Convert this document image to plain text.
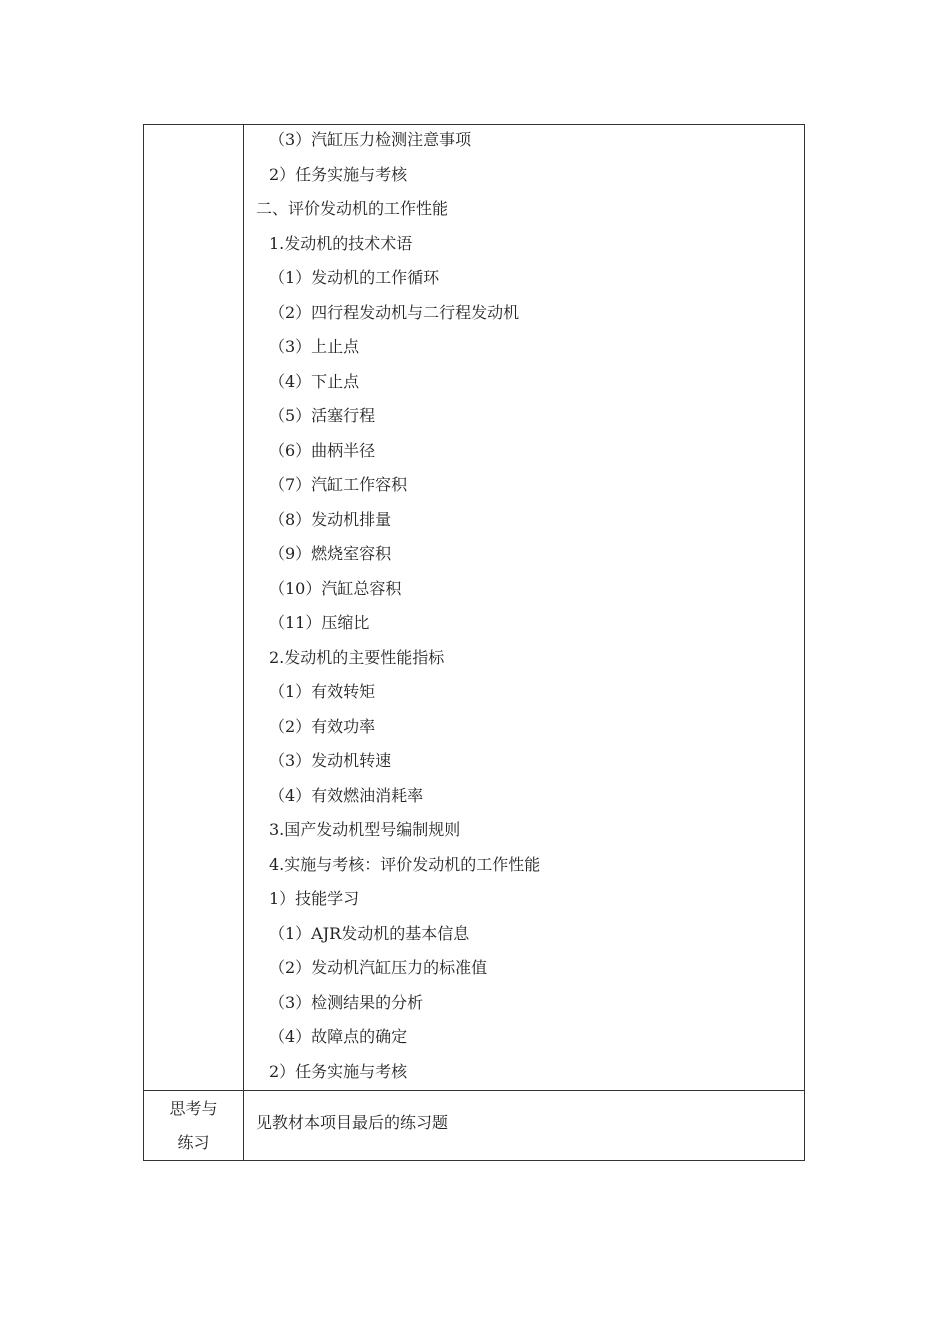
（3）汽缸压力检测注意事项
2）任务实施与考核
二、评价发动机的工作性能
1.发动机的技术术语
（1）发动机的工作循环
（2）四行程发动机与二行程发动机
（3）上止点
（4）下止点
（5）活塞行程
（6）曲柄半径
（7）汽缸工作容积
（8）发动机排量
（9）燃烧室容积
（10）汽缸总容积
（11）压缩比
2.发动机的主要性能指标
（1）有效转矩
（2）有效功率
（3）发动机转速
（4）有效燃油消耗率
3.国产发动机型号编制规则
4.实施与考核：评价发动机的工作性能
1）技能学习
（1）AJR发动机的基本信息
（2）发动机汽缸压力的标准值
（3）检测结果的分析
（4）故障点的确定
2）任务实施与考核
思考与
练习
见教材本项目最后的练习题
